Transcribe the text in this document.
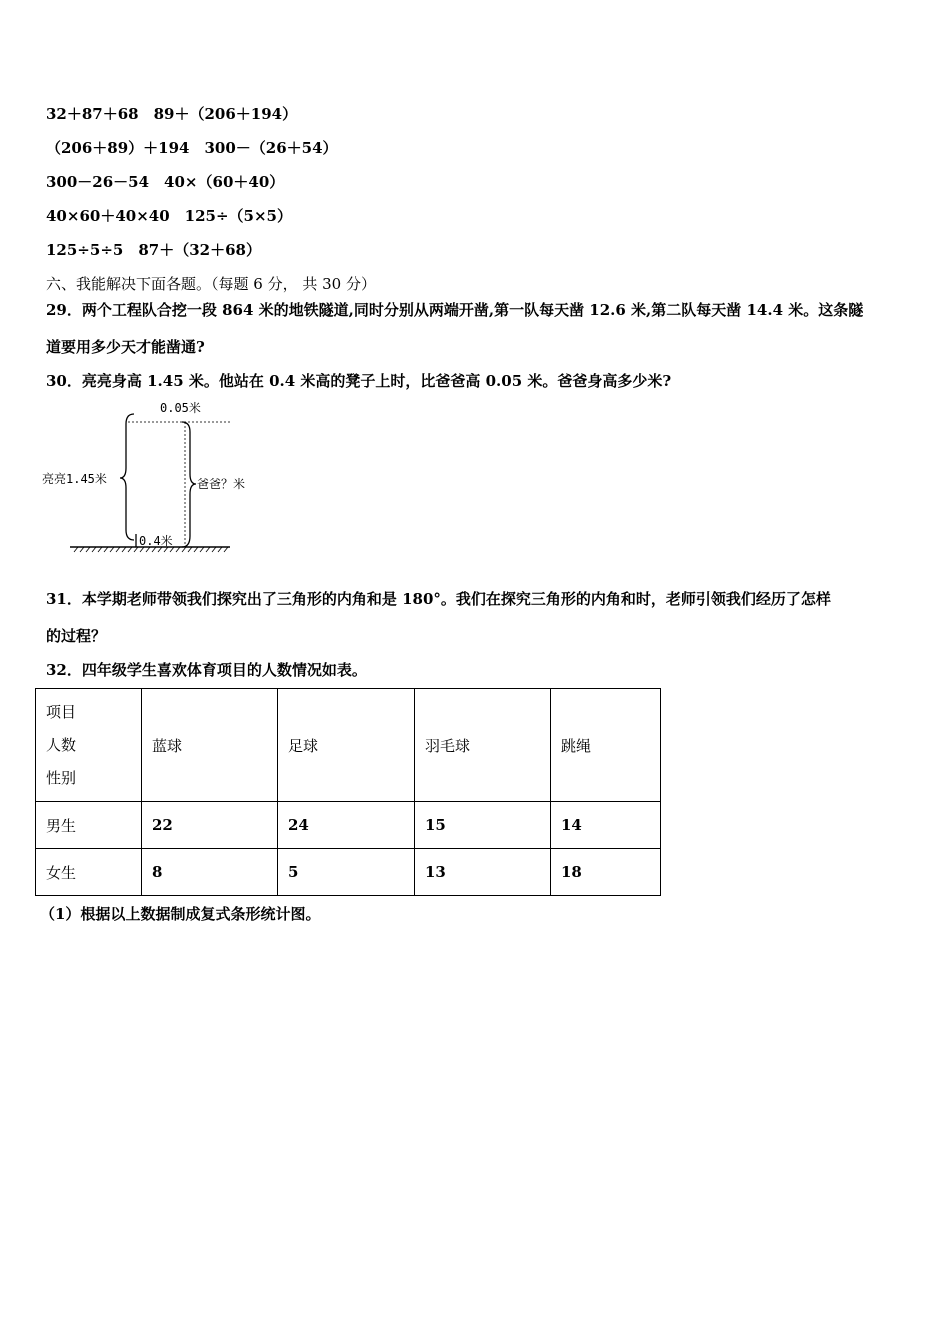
32＋87＋68　89＋（206＋194）
（206＋89）＋194　300－（26＋54）
300－26－54　40×（60＋40）
40×60＋40×40　125÷（5×5）
125÷5÷5　87＋（32＋68）
六、我能解决下面各题。（每题 6 分， 共 30 分）
29．两个工程队合挖一段 864 米的地铁隧道,同时分别从两端开凿,第一队每天凿 12.6 米,第二队每天凿 14.4 米。这条隧
道要用多少天才能凿通?
30．亮亮身高 1.45 米。他站在 0.4 米高的凳子上时，比爸爸高 0.05 米。爸爸身高多少米?
0.05米
亮亮1.45米	爸爸？米
0.4米
31．本学期老师带领我们探究出了三角形的内角和是 180°。我们在探究三角形的内角和时，老师引领我们经历了怎样
的过程？
32．四年级学生喜欢体育项目的人数情况如表。
项目
人数
性别	蓝球	足球	羽毛球	跳绳
男生	22	24	15	14
女生	8	5	13	18
（1）根据以上数据制成复式条形统计图。
